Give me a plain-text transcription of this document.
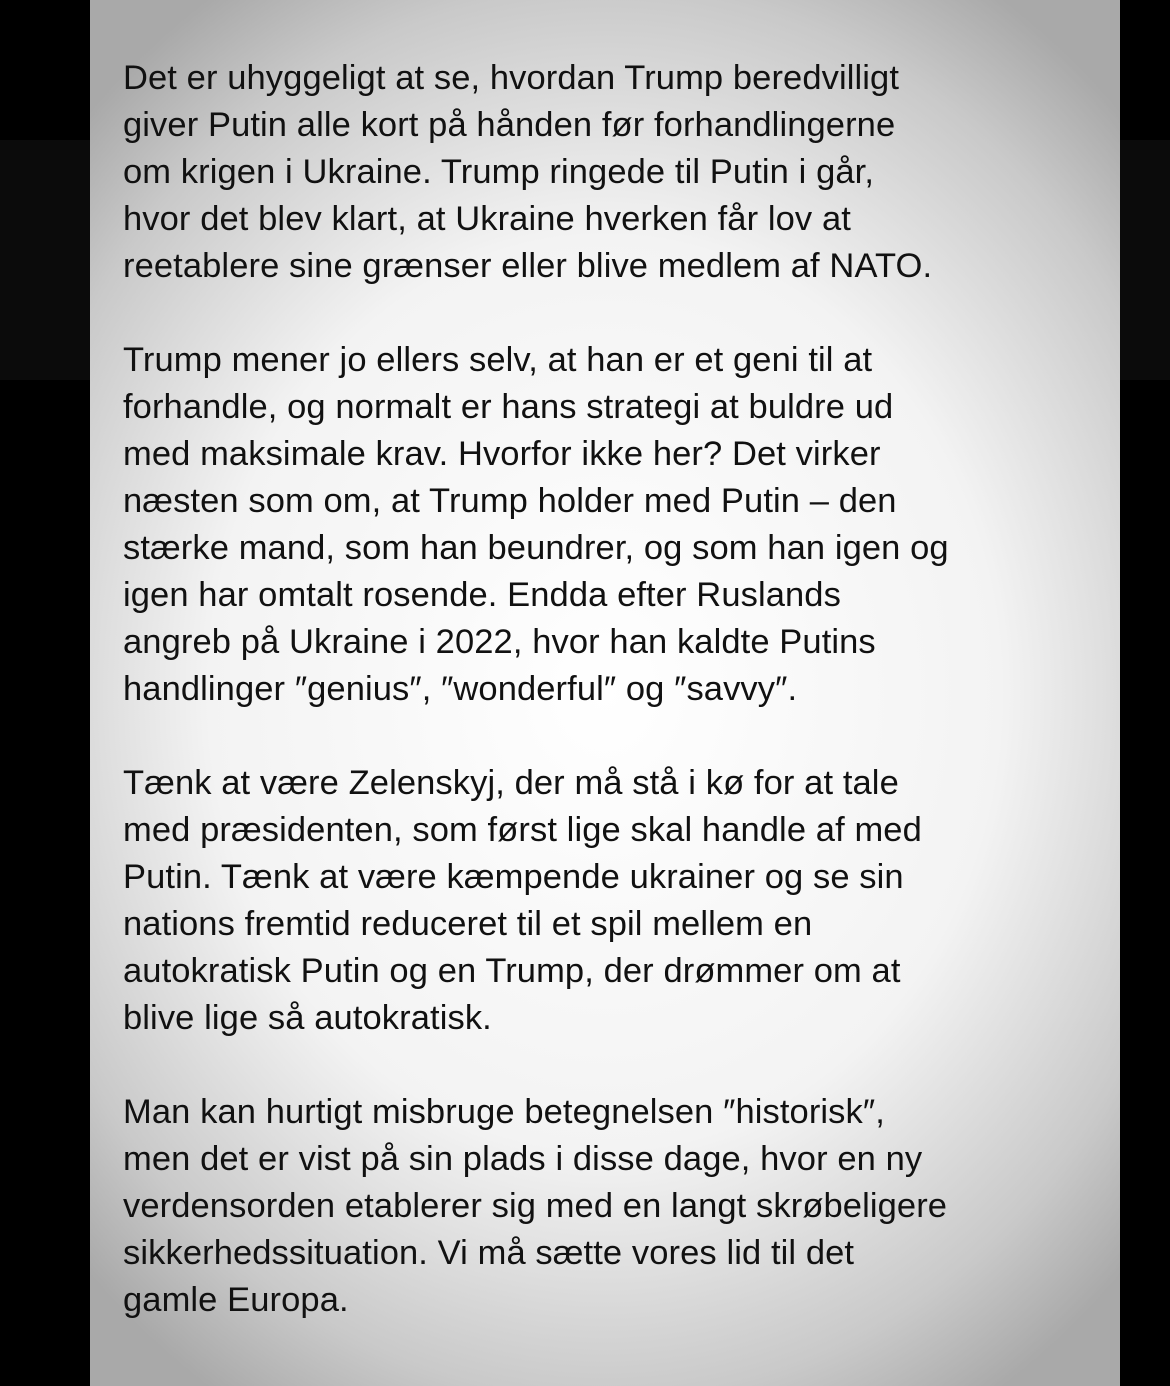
Det er uhyggeligt at se, hvordan Trump beredvilligt
giver Putin alle kort på hånden før forhandlingerne
om krigen i Ukraine. Trump ringede til Putin i går,
hvor det blev klart, at Ukraine hverken får lov at
reetablere sine grænser eller blive medlem af NATO.

Trump mener jo ellers selv, at han er et geni til at
forhandle, og normalt er hans strategi at buldre ud
med maksimale krav. Hvorfor ikke her? Det virker
næsten som om, at Trump holder med Putin – den
stærke mand, som han beundrer, og som han igen og
igen har omtalt rosende. Endda efter Ruslands
angreb på Ukraine i 2022, hvor han kaldte Putins
handlinger ″genius″, ″wonderful″ og ″savvy″.

Tænk at være Zelenskyj, der må stå i kø for at tale
med præsidenten, som først lige skal handle af med
Putin. Tænk at være kæmpende ukrainer og se sin
nations fremtid reduceret til et spil mellem en
autokratisk Putin og en Trump, der drømmer om at
blive lige så autokratisk.

Man kan hurtigt misbruge betegnelsen ″historisk″,
men det er vist på sin plads i disse dage, hvor en ny
verdensorden etablerer sig med en langt skrøbeligere
sikkerhedssituation. Vi må sætte vores lid til det
gamle Europa.
